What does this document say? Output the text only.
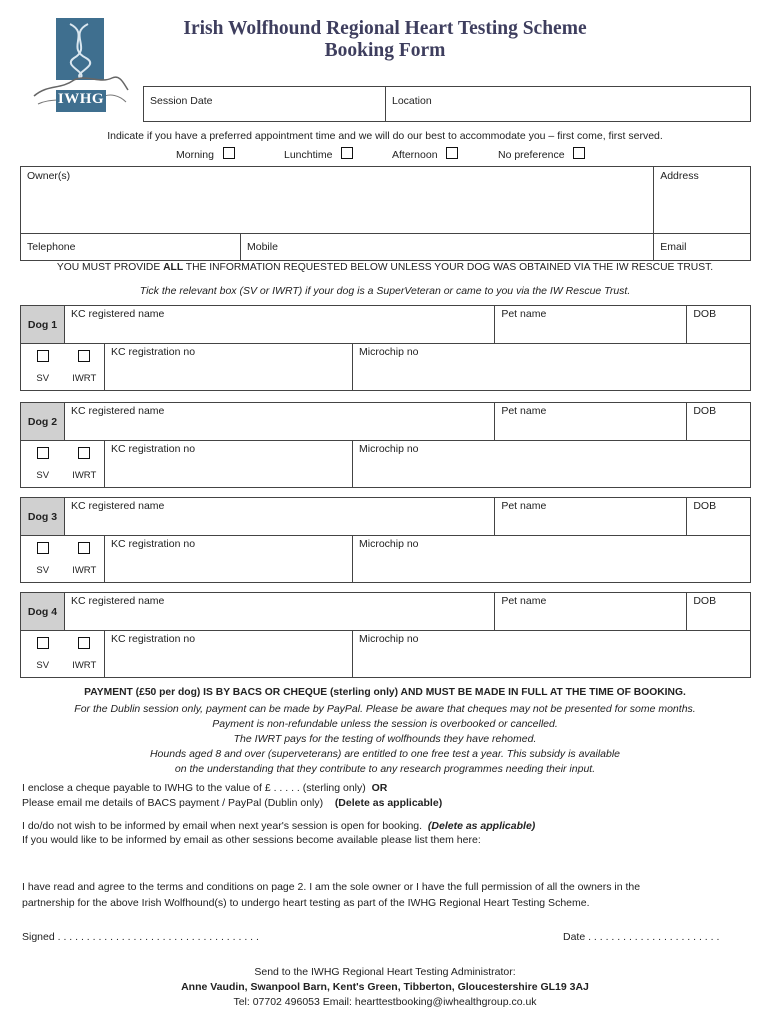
IWHG
Irish Wolfhound Regional Heart Testing Scheme
Booking Form
Session Date	Location
Indicate if you have a preferred appointment time and we will do our best to accommodate you – first come, first served.
Morning	Lunchtime	Afternoon	No preference
Owner(s)		Address
Telephone	Mobile	Email
YOU MUST PROVIDE ALL THE INFORMATION REQUESTED BELOW UNLESS YOUR DOG WAS OBTAINED VIA THE IW RESCUE TRUST.
Tick the relevant box (SV or IWRT) if your dog is a SuperVeteran or came to you via the IW Rescue Trust.
Dog 1	KC registered name			Pet name	DOB

SV	IWRT	KC registration no	Microchip no		
Dog 2	KC registered name			Pet name	DOB

SV	IWRT	KC registration no	Microchip no		
Dog 3	KC registered name			Pet name	DOB

SV	IWRT	KC registration no	Microchip no		
Dog 4	KC registered name			Pet name	DOB

SV	IWRT	KC registration no	Microchip no		
PAYMENT (£50 per dog) IS BY BACS OR CHEQUE (sterling only) AND MUST BE MADE IN FULL AT THE TIME OF BOOKING.
For the Dublin session only, payment can be made by PayPal. Please be aware that cheques may not be presented for some months.
Payment is non-refundable unless the session is overbooked or cancelled.
The IWRT pays for the testing of wolfhounds they have rehomed.
Hounds aged 8 and over (superveterans) are entitled to one free test a year. This subsidy is available
on the understanding that they contribute to any research programmes needing their input.
I enclose a cheque payable to IWHG to the value of £ . . . . . (sterling only) OR
Please email me details of BACS payment / PayPal (Dublin only) (Delete as applicable)
I do/do not wish to be informed by email when next year's session is open for booking. (Delete as applicable)
If you would like to be informed by email as other sessions become available please list them here:
I have read and agree to the terms and conditions on page 2. I am the sole owner or I have the full permission of all the owners in the
partnership for the above Irish Wolfhound(s) to undergo heart testing as part of the IWHG Regional Heart Testing Scheme.
Signed . . . . . . . . . . . . . . . . . . . . . . . . . . . . . . . . . . .	Date . . . . . . . . . . . . . . . . . . . . . . .
Send to the IWHG Regional Heart Testing Administrator:
Anne Vaudin, Swanpool Barn, Kent's Green, Tibberton, Gloucestershire GL19 3AJ
Tel: 07702 496053 Email: hearttestbooking@iwhealthgroup.co.uk
